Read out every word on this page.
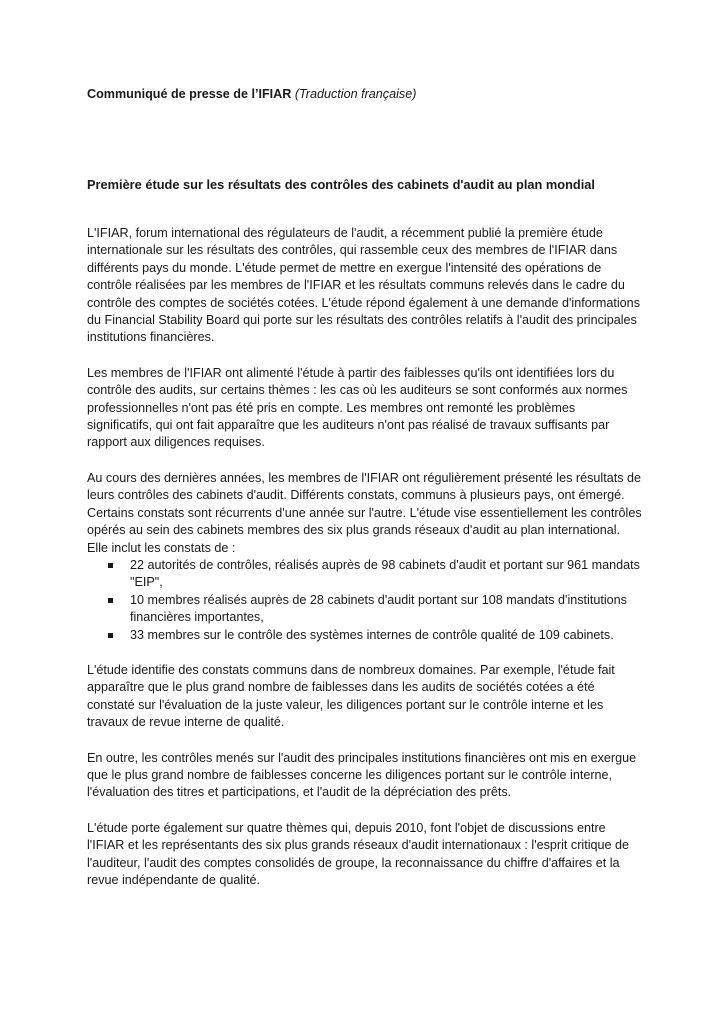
Communiqué de presse de l’IFIAR (Traduction française)
Première étude sur les résultats des contrôles des cabinets d'audit au plan mondial

L'IFIAR, forum international des régulateurs de l'audit, a récemment publié la première étude internationale sur les résultats des contrôles, qui rassemble ceux des membres de l'IFIAR dans différents pays du monde. L'étude permet de mettre en exergue l'intensité des opérations de contrôle réalisées par les membres de l'IFIAR et les résultats communs relevés dans le cadre du contrôle des comptes de sociétés cotées. L'étude répond également à une demande d'informations du Financial Stability Board qui porte sur les résultats des contrôles relatifs à l'audit des principales institutions financières.

Les membres de l'IFIAR ont alimenté l'étude à partir des faiblesses qu'ils ont identifiées lors du contrôle des audits, sur certains thèmes : les cas où les auditeurs se sont conformés aux normes professionnelles n'ont pas été pris en compte. Les membres ont remonté les problèmes significatifs, qui ont fait apparaître que les auditeurs n'ont pas réalisé de travaux suffisants par rapport aux diligences requises.

Au cours des dernières années, les membres de l'IFIAR ont régulièrement présenté les résultats de leurs contrôles des cabinets d'audit. Différents constats, communs à plusieurs pays, ont émergé. Certains constats sont récurrents d'une année sur l'autre. L'étude vise essentiellement les contrôles opérés au sein des cabinets membres des six plus grands réseaux d'audit au plan international. Elle inclut les constats de :

22 autorités de contrôles, réalisés auprès de 98 cabinets d'audit et portant sur 961 mandats "EIP",
10 membres réalisés auprès de 28 cabinets d'audit portant sur 108 mandats d'institutions financières importantes,
33 membres sur le contrôle des systèmes internes de contrôle qualité de 109 cabinets.

L'étude identifie des constats communs dans de nombreux domaines. Par exemple, l'étude fait apparaître que le plus grand nombre de faiblesses dans les audits de sociétés cotées a été constaté sur l'évaluation de la juste valeur, les diligences portant sur le contrôle interne et les travaux de revue interne de qualité.

En outre, les contrôles menés sur l'audit des principales institutions financières ont mis en exergue que le plus grand nombre de faiblesses concerne les diligences portant sur le contrôle interne, l'évaluation des titres et participations, et l'audit de la dépréciation des prêts.

L'étude porte également sur quatre thèmes qui, depuis 2010, font l'objet de discussions entre l'IFIAR et les représentants des six plus grands réseaux d'audit internationaux : l'esprit critique de l'auditeur, l'audit des comptes consolidés de groupe, la reconnaissance du chiffre d'affaires et la revue indépendante de qualité.
